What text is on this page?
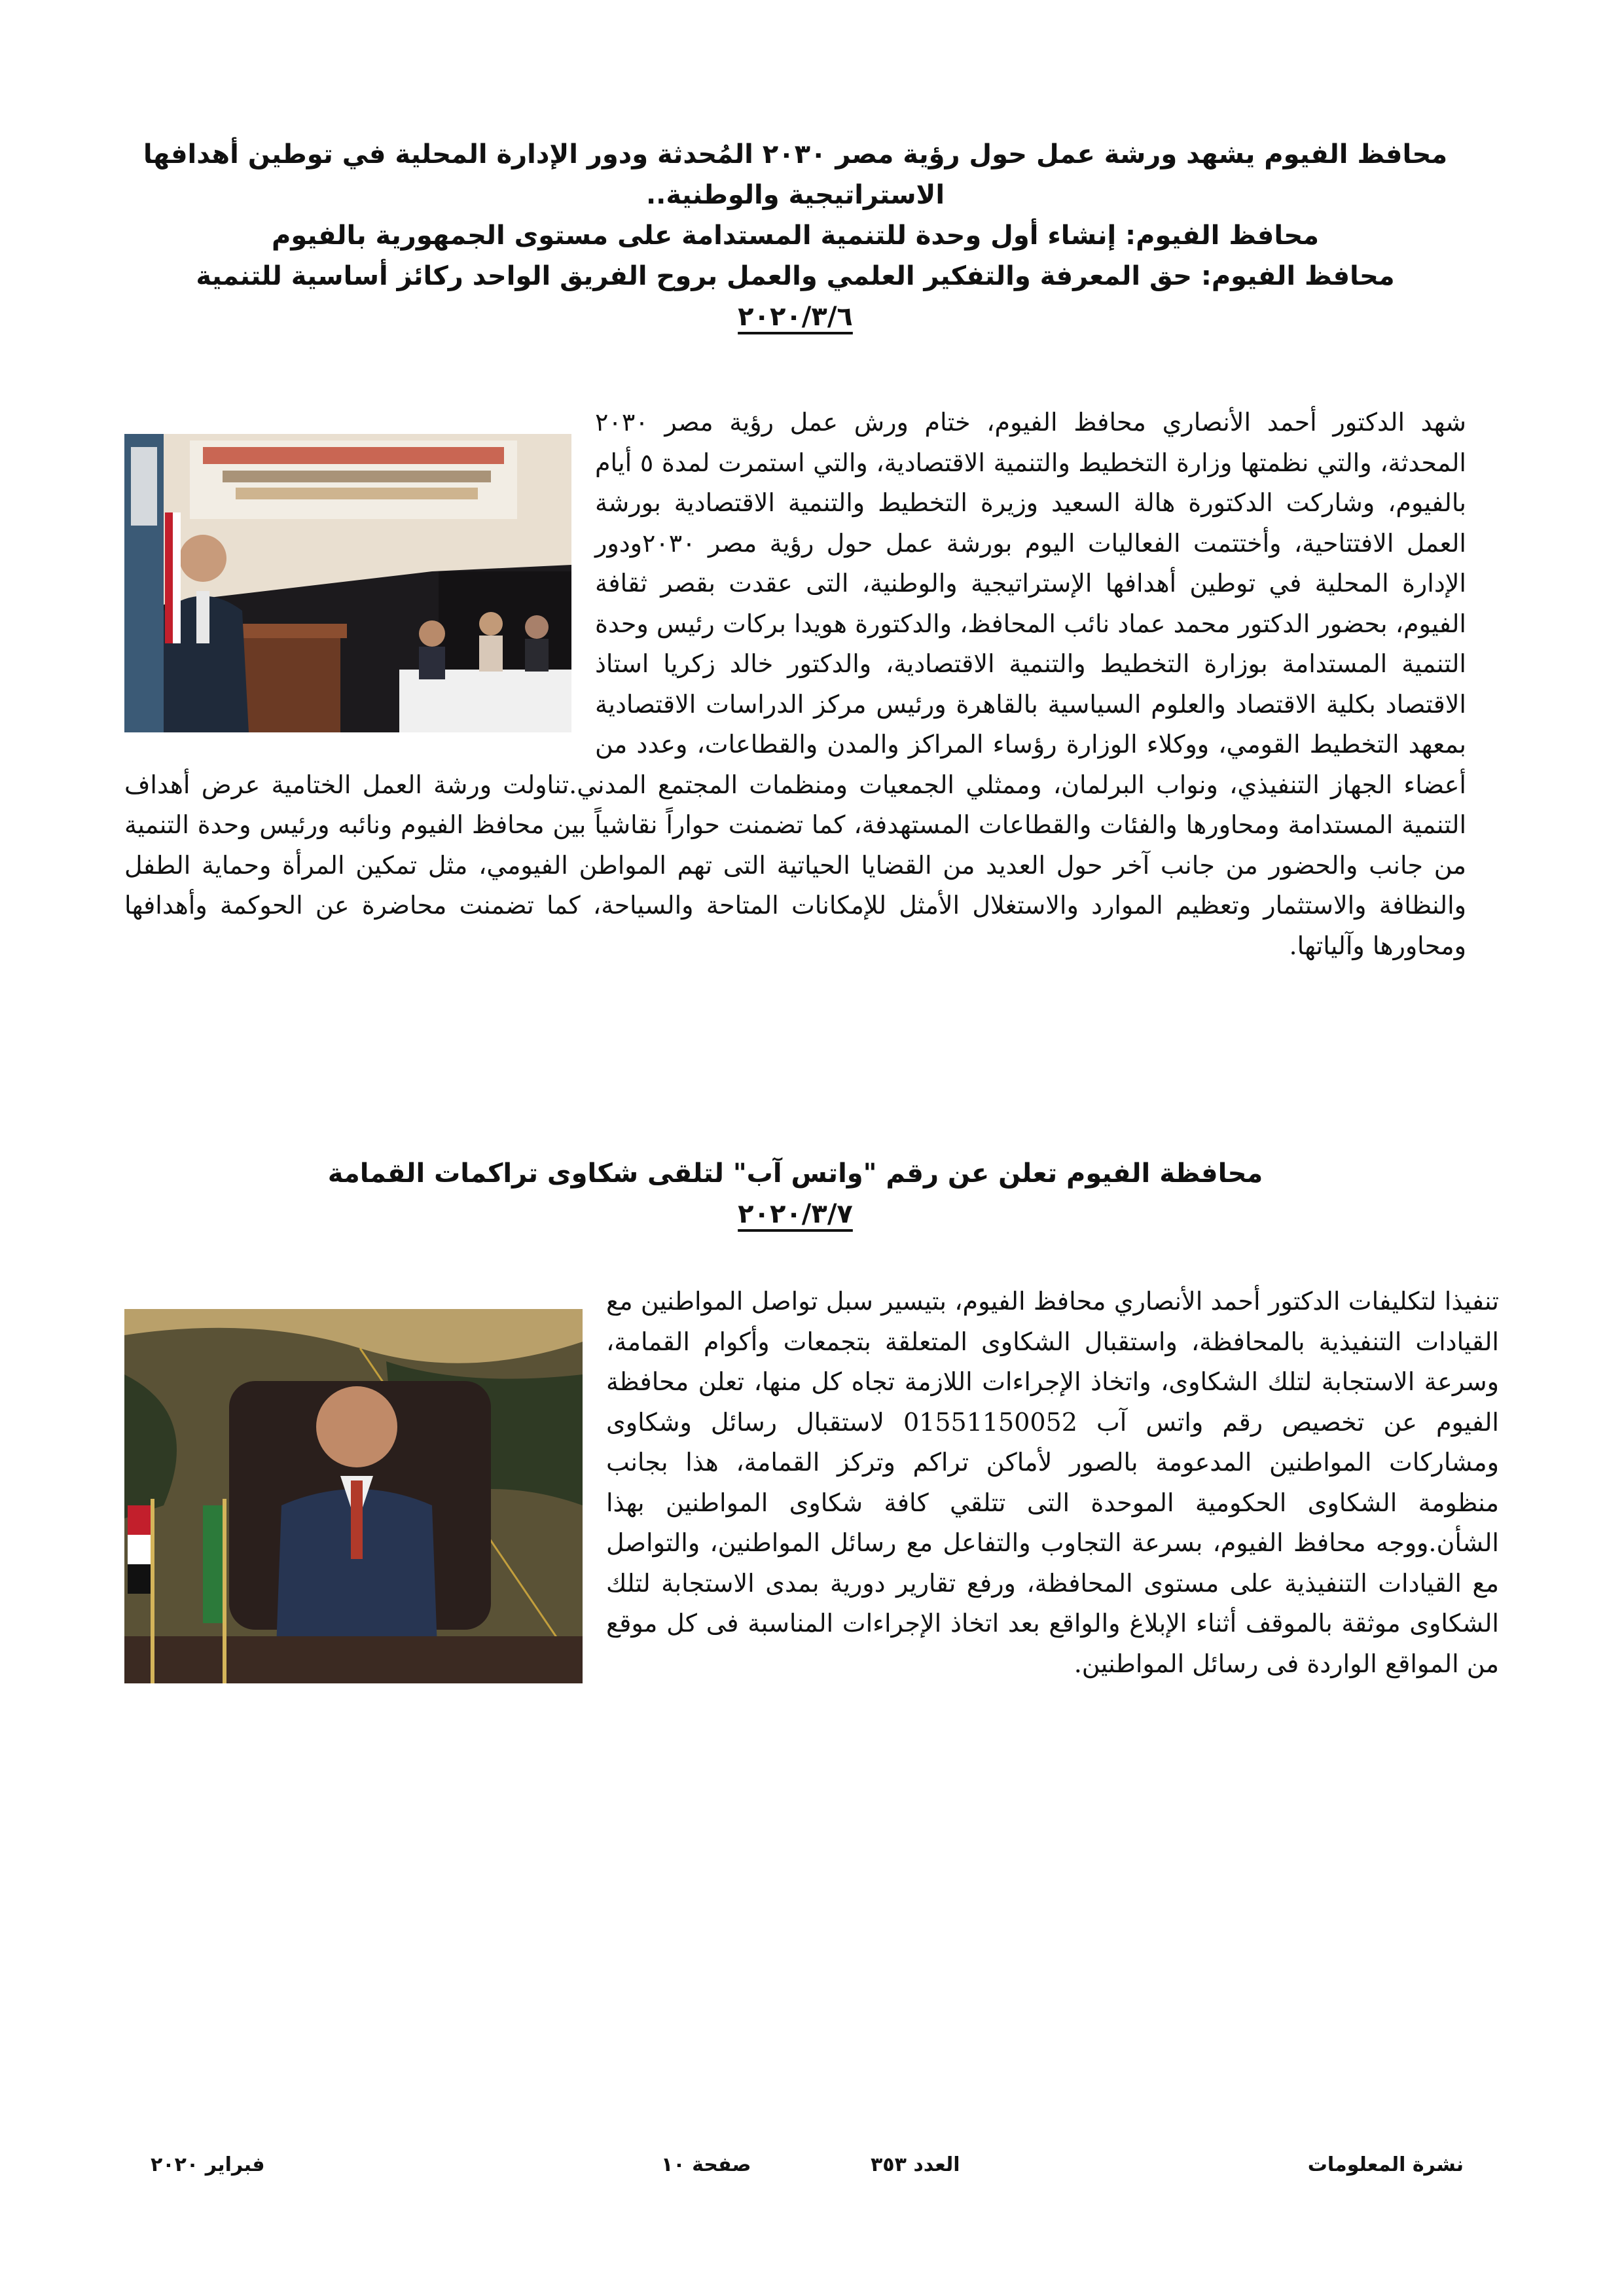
محافظ الفيوم يشهد ورشة عمل حول رؤية مصر ٢٠٣٠ المُحدثة ودور الإدارة المحلية في توطين أهدافها الاستراتيجية والوطنية..
محافظ الفيوم: إنشاء أول وحدة للتنمية المستدامة على مستوى الجمهورية بالفيوم
محافظ الفيوم: حق المعرفة والتفكير العلمي والعمل بروح الفريق الواحد ركائز أساسية للتنمية
٢٠٢٠/٣/٦
شهد الدكتور أحمد الأنصاري محافظ الفيوم، ختام ورش عمل رؤية مصر ٢٠٣٠ المحدثة، والتي نظمتها وزارة التخطيط والتنمية الاقتصادية، والتي استمرت لمدة ٥ أيام بالفيوم، وشاركت الدكتورة هالة السعيد وزيرة التخطيط والتنمية الاقتصادية بورشة العمل الافتتاحية، وأختتمت الفعاليات اليوم بورشة عمل حول رؤية مصر ٢٠٣٠ودور الإدارة المحلية في توطين أهدافها الإستراتيجية والوطنية، التى عقدت بقصر ثقافة الفيوم، بحضور الدكتور محمد عماد نائب المحافظ، والدكتورة هويدا بركات رئيس وحدة التنمية المستدامة بوزارة التخطيط والتنمية الاقتصادية، والدكتور خالد زكريا استاذ الاقتصاد بكلية الاقتصاد والعلوم السياسية بالقاهرة ورئيس مركز الدراسات الاقتصادية بمعهد التخطيط القومي، ووكلاء الوزارة رؤساء المراكز والمدن والقطاعات، وعدد من أعضاء الجهاز التنفيذي، ونواب البرلمان، وممثلي الجمعيات ومنظمات المجتمع المدني.تناولت ورشة العمل الختامية عرض أهداف التنمية المستدامة ومحاورها والفئات والقطاعات المستهدفة، كما تضمنت حواراً نقاشياً بين محافظ الفيوم ونائبه ورئيس وحدة التنمية من جانب والحضور من جانب آخر حول العديد من القضايا الحياتية التى تهم المواطن الفيومي، مثل تمكين المرأة وحماية الطفل والنظافة والاستثمار وتعظيم الموارد والاستغلال الأمثل للإمكانات المتاحة والسياحة، كما تضمنت محاضرة عن الحوكمة وأهدافها ومحاورها وآلياتها.
محافظة الفيوم تعلن عن رقم "واتس آب" لتلقى شكاوى تراكمات القمامة
٢٠٢٠/٣/٧
تنفيذا لتكليفات الدكتور أحمد الأنصاري محافظ الفيوم، بتيسير سبل تواصل المواطنين مع القيادات التنفيذية بالمحافظة، واستقبال الشكاوى المتعلقة بتجمعات وأكوام القمامة، وسرعة الاستجابة لتلك الشكاوى، واتخاذ الإجراءات اللازمة تجاه كل منها، تعلن محافظة الفيوم عن تخصيص رقم واتس آب 01551150052 لاستقبال رسائل وشكاوى ومشاركات المواطنين المدعومة بالصور لأماكن تراكم وتركز القمامة، هذا بجانب منظومة الشكاوى الحكومية الموحدة التى تتلقي كافة شكاوى المواطنين بهذا الشأن.ووجه محافظ الفيوم، بسرعة التجاوب والتفاعل مع رسائل المواطنين، والتواصل مع القيادات التنفيذية على مستوى المحافظة، ورفع تقارير دورية بمدى الاستجابة لتلك الشكاوى موثقة بالموقف أثناء الإبلاغ والواقع بعد اتخاذ الإجراءات المناسبة فى كل موقع من المواقع الواردة فى رسائل المواطنين.
فبراير ٢٠٢٠	صفحة ١٠	العدد ٣٥٣	نشرة المعلومات
